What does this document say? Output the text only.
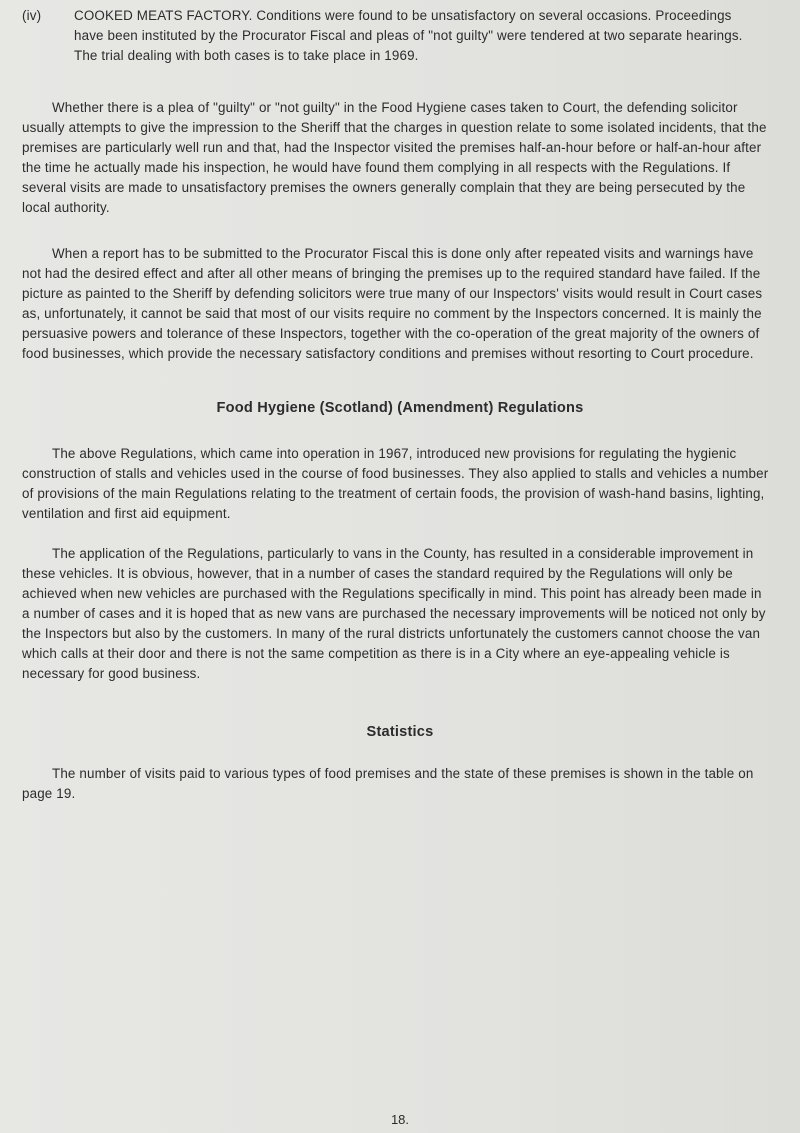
(iv) COOKED MEATS FACTORY. Conditions were found to be unsatisfactory on several occasions. Proceedings have been instituted by the Procurator Fiscal and pleas of "not guilty" were tendered at two separate hearings. The trial dealing with both cases is to take place in 1969.

Whether there is a plea of "guilty" or "not guilty" in the Food Hygiene cases taken to Court, the defending solicitor usually attempts to give the impression to the Sheriff that the charges in question relate to some isolated incidents, that the premises are particularly well run and that, had the Inspector visited the premises half-an-hour before or half-an-hour after the time he actually made his inspection, he would have found them complying in all respects with the Regulations. If several visits are made to unsatisfactory premises the owners generally complain that they are being persecuted by the local authority.

When a report has to be submitted to the Procurator Fiscal this is done only after repeated visits and warnings have not had the desired effect and after all other means of bringing the premises up to the required standard have failed. If the picture as painted to the Sheriff by defending solicitors were true many of our Inspectors' visits would result in Court cases as, unfortunately, it cannot be said that most of our visits require no comment by the Inspectors concerned. It is mainly the persuasive powers and tolerance of these Inspectors, together with the co-operation of the great majority of the owners of food businesses, which provide the necessary satisfactory conditions and premises without resorting to Court procedure.

Food Hygiene (Scotland) (Amendment) Regulations

The above Regulations, which came into operation in 1967, introduced new provisions for regulating the hygienic construction of stalls and vehicles used in the course of food businesses. They also applied to stalls and vehicles a number of provisions of the main Regulations relating to the treatment of certain foods, the provision of wash-hand basins, lighting, ventilation and first aid equipment.

The application of the Regulations, particularly to vans in the County, has resulted in a considerable improvement in these vehicles. It is obvious, however, that in a number of cases the standard required by the Regulations will only be achieved when new vehicles are purchased with the Regulations specifically in mind. This point has already been made in a number of cases and it is hoped that as new vans are purchased the necessary improvements will be noticed not only by the Inspectors but also by the customers. In many of the rural districts unfortunately the customers cannot choose the van which calls at their door and there is not the same competition as there is in a City where an eye-appealing vehicle is necessary for good business.

Statistics

The number of visits paid to various types of food premises and the state of these premises is shown in the table on page 19.

18.
